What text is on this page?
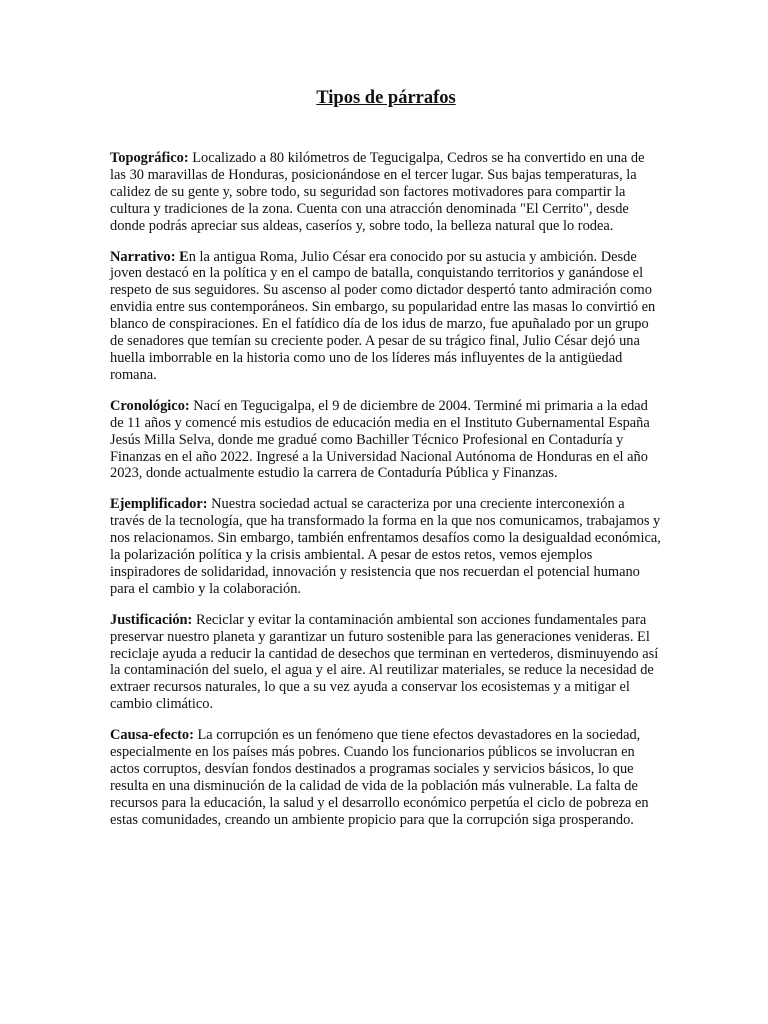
Tipos de párrafos

Topográfico: Localizado a 80 kilómetros de Tegucigalpa, Cedros se ha convertido en una de las 30 maravillas de Honduras, posicionándose en el tercer lugar. Sus bajas temperaturas, la calidez de su gente y, sobre todo, su seguridad son factores motivadores para compartir la cultura y tradiciones de la zona. Cuenta con una atracción denominada "El Cerrito", desde donde podrás apreciar sus aldeas, caseríos y, sobre todo, la belleza natural que lo rodea.

Narrativo: En la antigua Roma, Julio César era conocido por su astucia y ambición. Desde joven destacó en la política y en el campo de batalla, conquistando territorios y ganándose el respeto de sus seguidores. Su ascenso al poder como dictador despertó tanto admiración como envidia entre sus contemporáneos. Sin embargo, su popularidad entre las masas lo convirtió en blanco de conspiraciones. En el fatídico día de los idus de marzo, fue apuñalado por un grupo de senadores que temían su creciente poder. A pesar de su trágico final, Julio César dejó una huella imborrable en la historia como uno de los líderes más influyentes de la antigüedad romana.

Cronológico: Nací en Tegucigalpa, el 9 de diciembre de 2004. Terminé mi primaria a la edad de 11 años y comencé mis estudios de educación media en el Instituto Gubernamental España Jesús Milla Selva, donde me gradué como Bachiller Técnico Profesional en Contaduría y Finanzas en el año 2022. Ingresé a la Universidad Nacional Autónoma de Honduras en el año 2023, donde actualmente estudio la carrera de Contaduría Pública y Finanzas.

Ejemplificador: Nuestra sociedad actual se caracteriza por una creciente interconexión a través de la tecnología, que ha transformado la forma en la que nos comunicamos, trabajamos y nos relacionamos. Sin embargo, también enfrentamos desafíos como la desigualdad económica, la polarización política y la crisis ambiental. A pesar de estos retos, vemos ejemplos inspiradores de solidaridad, innovación y resistencia que nos recuerdan el potencial humano para el cambio y la colaboración.

Justificación: Reciclar y evitar la contaminación ambiental son acciones fundamentales para preservar nuestro planeta y garantizar un futuro sostenible para las generaciones venideras. El reciclaje ayuda a reducir la cantidad de desechos que terminan en vertederos, disminuyendo así la contaminación del suelo, el agua y el aire. Al reutilizar materiales, se reduce la necesidad de extraer recursos naturales, lo que a su vez ayuda a conservar los ecosistemas y a mitigar el cambio climático.

Causa-efecto: La corrupción es un fenómeno que tiene efectos devastadores en la sociedad, especialmente en los países más pobres. Cuando los funcionarios públicos se involucran en actos corruptos, desvían fondos destinados a programas sociales y servicios básicos, lo que resulta en una disminución de la calidad de vida de la población más vulnerable. La falta de recursos para la educación, la salud y el desarrollo económico perpetúa el ciclo de pobreza en estas comunidades, creando un ambiente propicio para que la corrupción siga prosperando.
